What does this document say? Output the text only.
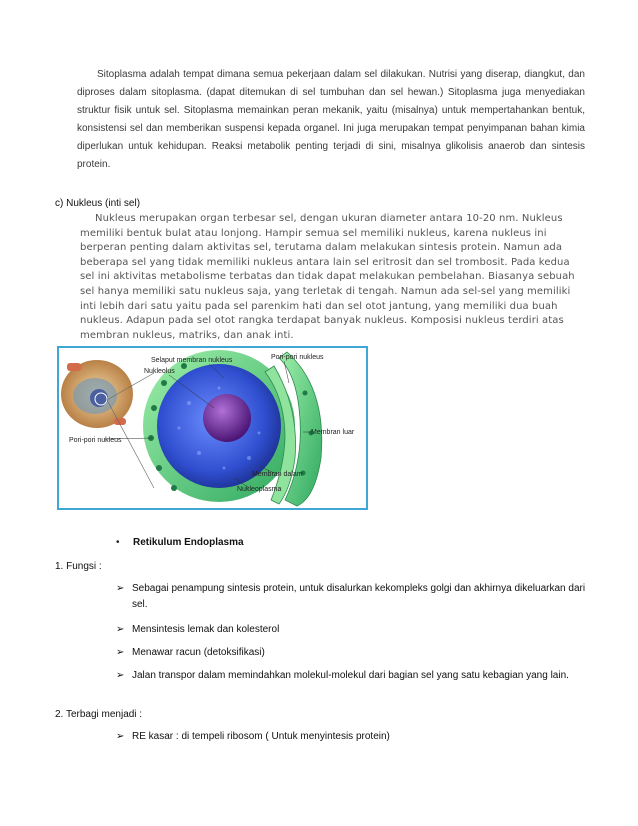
Sitoplasma adalah tempat dimana semua pekerjaan dalam sel dilakukan. Nutrisi yang diserap, diangkut, dan diproses dalam sitoplasma. (dapat ditemukan di sel tumbuhan dan sel hewan.) Sitoplasma juga menyediakan struktur fisik untuk sel. Sitoplasma memainkan peran mekanik, yaitu (misalnya) untuk mempertahankan bentuk, konsistensi sel dan memberikan suspensi kepada organel. Ini juga merupakan tempat penyimpanan bahan kimia diperlukan untuk kehidupan. Reaksi metabolik penting terjadi di sini, misalnya glikolisis anaerob dan sintesis protein.
c) Nukleus (inti sel)
Nukleus merupakan organ terbesar sel, dengan ukuran diameter antara 10-20 nm. Nukleus memiliki bentuk bulat atau lonjong. Hampir semua sel memiliki nukleus, karena nukleus ini berperan penting dalam aktivitas sel, terutama dalam melakukan sintesis protein. Namun ada beberapa sel yang tidak memiliki nukleus antara lain sel eritrosit dan sel trombosit. Pada kedua sel ini aktivitas metabolisme terbatas dan tidak dapat melakukan pembelahan. Biasanya sebuah sel hanya memiliki satu nukleus saja, yang terletak di tengah. Namun ada sel-sel yang memiliki inti lebih dari satu yaitu pada sel parenkim hati dan sel otot jantung, yang memiliki dua buah nukleus. Adapun pada sel otot rangka terdapat banyak nukleus. Komposisi nukleus terdiri atas membran nukleus, matriks, dan anak inti.
Selaput membran nukleus	Pori-pori nukleus
Nukleolus
Pori-pori nukleus
Membran luar
Membran dalam
Nukleoplasma
• Retikulum Endoplasma
1. Fungsi :
➢ Sebagai penampung sintesis protein, untuk disalurkan kekompleks golgi dan akhirnya dikeluarkan dari sel.
➢ Mensintesis lemak dan kolesterol
➢ Menawar racun (detoksifikasi)
➢ Jalan transpor dalam memindahkan molekul-molekul dari bagian sel yang satu kebagian yang lain.
2. Terbagi menjadi :
➢ RE kasar : di tempeli ribosom ( Untuk menyintesis protein)
